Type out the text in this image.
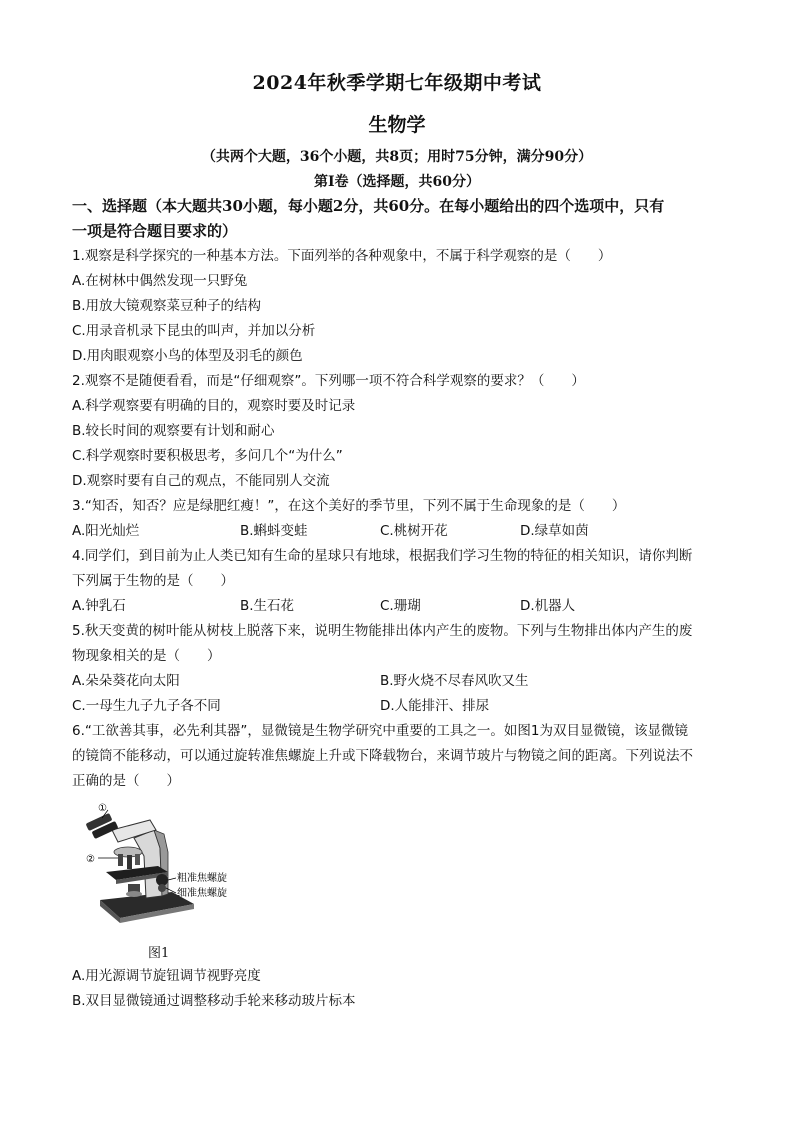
2024年秋季学期七年级期中考试
生物学
（共两个大题，36个小题，共8页；用时75分钟，满分90分）
第Ⅰ卷（选择题，共60分）
一、选择题（本大题共30小题，每小题2分，共60分。在每小题给出的四个选项中，只有
一项是符合题目要求的）
1.观察是科学探究的一种基本方法。下面列举的各种观象中，不属于科学观察的是（　　）
A.在树林中偶然发现一只野兔
B.用放大镜观察菜豆种子的结构
C.用录音机录下昆虫的叫声，并加以分析
D.用肉眼观察小鸟的体型及羽毛的颜色
2.观察不是随便看看，而是“仔细观察”。下列哪一项不符合科学观察的要求？（　　）
A.科学观察要有明确的目的，观察时要及时记录
B.较长时间的观察要有计划和耐心
C.科学观察时要积极思考，多问几个“为什么”
D.观察时要有自己的观点，不能同别人交流
3.“知否，知否？应是绿肥红瘦！”，在这个美好的季节里，下列不属于生命现象的是（　　）
A.阳光灿烂	B.蝌蚪变蛙	C.桃树开花	D.绿草如茵
4.同学们，到目前为止人类已知有生命的星球只有地球，根据我们学习生物的特征的相关知识，请你判断
下列属于生物的是（　　）
A.钟乳石	B.生石花	C.珊瑚	D.机器人
5.秋天变黄的树叶能从树枝上脱落下来，说明生物能排出体内产生的废物。下列与生物排出体内产生的废
物现象相关的是（　　）
A.朵朵葵花向太阳	B.野火烧不尽春风吹又生
C.一母生九子九子各不同	D.人能排汗、排尿
6.“工欲善其事，必先利其器”，显微镜是生物学研究中重要的工具之一。如图1为双目显微镜，该显微镜
的镜筒不能移动，可以通过旋转准焦螺旋上升或下降载物台，来调节玻片与物镜之间的距离。下列说法不
正确的是（　　）
A.用光源调节旋钮调节视野亮度
B.双目显微镜通过调整移动手轮来移动玻片标本
①
②
粗准焦螺旋
细准焦螺旋
图1
